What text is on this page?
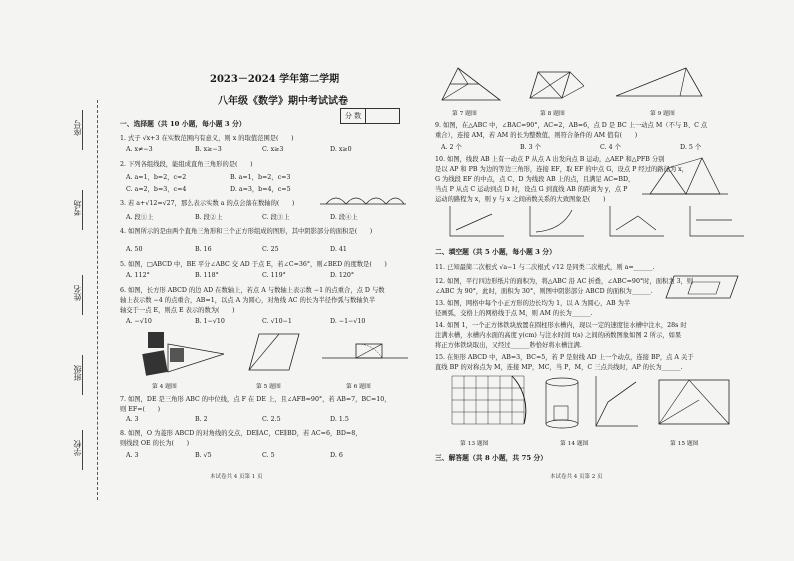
座号
考场
姓名
班级
学校
2023－2024 学年第二学期
八年级《数学》期中考试试卷
分 数
一、选择题（共 10 小题，每小题 3 分）
1. 式子 √x+3 在实数范围内有意义，则 x 的取值范围是(　　)
A. x≠−3	B. x≥−3	C. x≥3	D. x≥0
2. 下列各组线段，能组成直角三角形的是(　　)
A. a=1，b=2，c=2	B. a=1，b=2，c=3
C. a=2，b=3，c=4	D. a=3，b=4，c=5
3. 若 a+√12=√27，那么表示实数 a 的点会落在数轴的(　　)
A. 段①上	B. 段②上	C. 段③上	D. 段④上
4. 如图所示的是由两个直角三角形和三个正方形组成的图形，其中阴影部分的面积是(　　)
A. 50	B. 16	C. 25	D. 41
5. 如图，□ABCD 中，BE 平分∠ABC 交 AD 于点 E，若∠C=36°，则∠BED 的度数是(　　)
A. 112°	B. 118°	C. 119°	D. 120°
6. 如图，长方形 ABCD 的边 AD 在数轴上，若点 A 与数轴上表示数 −1 的点重合，点 D 与数
轴上表示数 −4 的点重合，AB=1，以点 A 为圆心，对角线 AC 的长为半径作弧与数轴负半
轴交于一点 E，则点 E 表示的数为(　　)
A. −√10	B. 1−√10	C. √10−1	D. −1−√10
第 4 题图	第 5 题图	第 6 题图
7. 如图，DE 是三角形 ABC 的中位线，点 F 在 DE 上，且∠AFB=90°，若 AB=7，BC=10，
则 EF=(　　)
A. 3	B. 2	C. 2.5	D. 1.5
8. 如图，O 为菱形 ABCD 的对角线的交点，DE∥AC，CE∥BD，若 AC=6，BD=8，
则线段 OE 的长为(　　)
A. 3	B. √5	C. 5	D. 6
本试卷共 4 页第 1 页
第 7 题图	第 8 题图	第 9 题图
9. 如图，在△ABC 中，∠BAC=90°，AC=2，AB=6，点 D 是 BC 上一动点 M（不与 B、C 点
重合），连接 AM，若 AM 的长为整数值，则符合条件的 AM 值有(　　)
A. 2 个	B. 3 个	C. 4 个	D. 5 个
10. 如图，线段 AB 上有一动点 P 从点 A 出发向点 B 运动，△AEP 和△PFB 分别
是以 AP 和 PB 为边的等边三角形，连接 EF，取 EF 的中点 G，设点 P 经过的路径为 x，
G 为线段 EF 的中点，点 C、D 为线段 AB 上的点，且满足 AC=BD，
当点 P 从点 C 运动到点 D 时，设点 G 到直线 AB 的距离为 y，点 P
运动的路程为 x，则 y 与 x 之间函数关系的大致图象是(　　)
二、填空题（共 5 小题，每小题 3 分）
11. 已知最简二次根式 √a−1 与二次根式 √12 是同类二次根式，则 a=______.
12. 如图，平行四边形纸片的面积为，将△ABC 沿 AC 折叠，∠ABC=90°时，面积为 3，则
∠ABC 为 90°，此时，面积为 30°，则图中阴影部分 ABCD 的面积为______.
13. 如图，网格中每个小正方形的边长均为 1，以 A 为圆心，AB 为半
径画弧，交格上的网格线于点 M，则 AM 的长为______.
14. 如图 1，一个正方体铁块放置在圆柱形水槽内，现以一定的速度往水槽中注水，28s 时
注满水槽，水槽内水面的高度 y(cm) 与注水时间 t(s) 之间的函数图象如图 2 所示，如果
将正方体铁块取出，又经过______秒恰好将水槽注满.
15. 在矩形 ABCD 中，AB=3，BC=5，若 P 是射线 AD 上一个动点，连接 BP，点 A 关于
直线 BP 的对称点为 M，连接 MP，MC，当 P，M，C 三点共线时，AP 的长为______.
第 13 题图	第 14 题图	第 15 题图
三、解答题（共 8 小题，共 75 分）
本试卷共 4 页第 2 页
